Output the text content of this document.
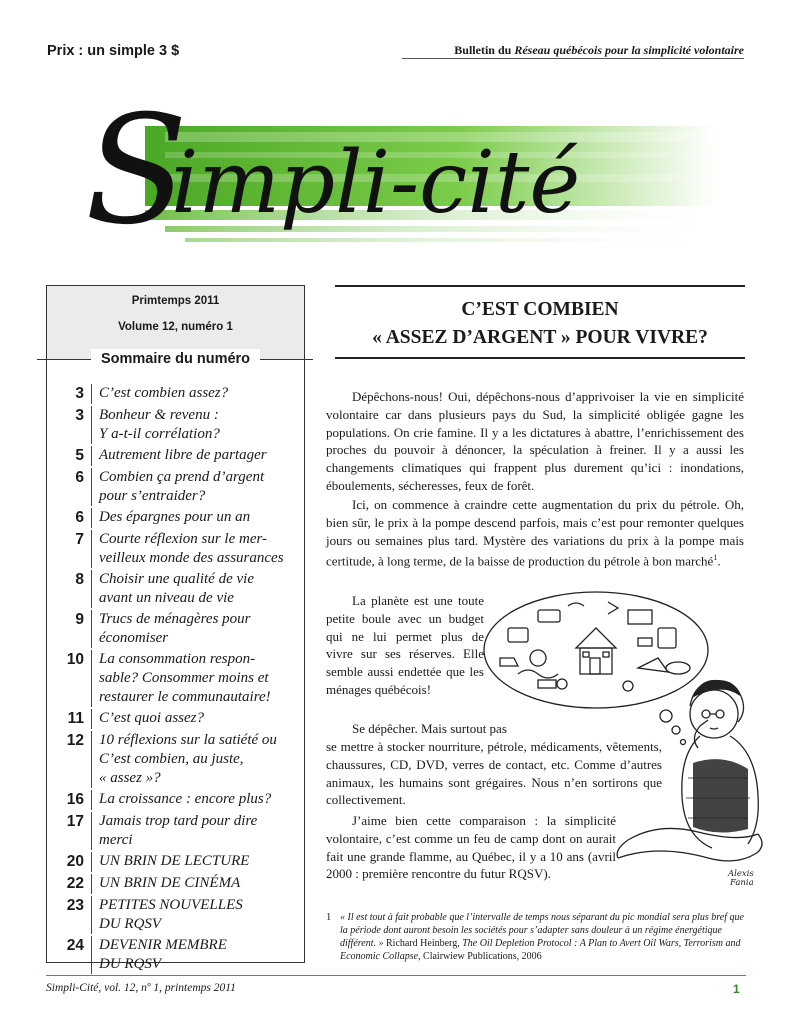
Prix : un simple 3 $	Bulletin du Réseau québécois pour la simplicité volontaire
S
impli-cité
Primtemps 2011
Volume 12, numéro 1
Sommaire du numéro
3	C’est combien assez?
3	Bonheur & revenu :
Y a-t-il corrélation?
5	Autrement libre de partager
6	Combien ça prend d’argent
pour s’entraider?
6	Des épargnes pour un an
7	Courte réflexion sur le mer-
veilleux monde des assurances
8	Choisir une qualité de vie
avant un niveau de vie
9	Trucs de ménagères pour
économiser
10	La consommation respon-
sable? Consommer moins et
restaurer le communautaire!
11	C’est quoi assez?
12	10 réflexions sur la satiété ou
C’est combien, au juste,
« assez »?
16	La croissance : encore plus?
17	Jamais trop tard pour dire
merci
20	UN BRIN DE LECTURE
22	UN BRIN DE CINÉMA
23	PETITES NOUVELLES
DU RQSV
24	DEVENIR MEMBRE
DU RQSV
C’EST COMBIEN
« ASSEZ D’ARGENT » POUR VIVRE?
Dépêchons-nous! Oui, dépêchons-nous d’apprivoiser la vie en simplicité volontaire car dans plusieurs pays du Sud, la simplicité obligée gagne les populations. On crie famine. Il y a les dictatures à abattre, l’enrichissement des proches du pouvoir à dénoncer, la spéculation à freiner. Il y a aussi les changements climatiques qui frappent plus durement qu’ici : inondations, éboulements, sécheresses, feux de forêt.
Ici, on commence à craindre cette augmentation du prix du pétrole. Oh, bien sûr, le prix à la pompe descend parfois, mais c’est pour remonter quelques jours ou semaines plus tard. Mystère des variations du prix à la pompe mais certitude, à long terme, de la baisse de production du pétrole à bon marché$^1$.
La planète est une toute petite boule avec un budget qui ne lui permet plus de vivre sur ses réserves. Elle semble aussi endettée que les ménages québécois!
Se dépêcher. Mais surtout pas
se mettre à stocker nourriture, pétrole, médicaments, vêtements, chaussures, CD, DVD, verres de contact, etc. Comme d’autres animaux, les humains sont grégaires. Nous n’en sortirons que collectivement.
J’aime bien cette comparaison : la simplicité volontaire, c’est comme un feu de camp dont on aurait fait une grande flamme, au Québec, il y a 10 ans (avril 2000 : première rencontre du futur RQSV).	Alexis Fania
1 « Il est tout à fait probable que l’intervalle de temps nous séparant du pic mondial sera plus bref que la période dont auront besoin les sociétés pour s’adapter sans douleur à un régime énergétique différent. » Richard Heinberg, The Oil Depletion Protocol : A Plan to Avert Oil Wars, Terrorism and Economic Collapse, Clairwiew Publications, 2006
Simpli-Cité, vol. 12, nº 1, printemps 2011	1
